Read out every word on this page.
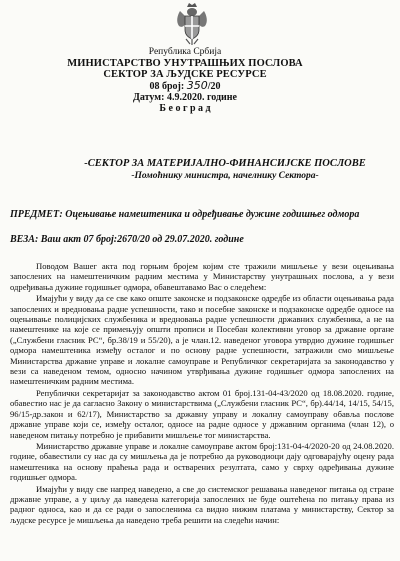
Република Србија
МИНИСТАРСТВО УНУТРАШЊИХ ПОСЛОВА
СЕКТОР ЗА ЉУДСКЕ РЕСУРСЕ
08 број: 350/20
Датум: 4.9.2020. године
Б е о г р а д
-СЕКТОР ЗА МАТЕРИЈАЛНО-ФИНАНСИЈСКЕ ПОСЛОВЕ
-Помоћнику министра, начелнику Сектора-
ПРЕДМЕТ: Оцењивање намештеника и одређивање дужине годишњег одмора
ВЕЗА: Ваш акт 07 број:2670/20 од 29.07.2020. године

Поводом Вашег акта под горњим бројем којим сте тражили мишљење у вези оцењивања запослених на намештеничким радним местима у Министарству унутрашњих послова, а у вези одређивања дужине годишњег одмора, обавештавамо Вас о следећем:

Имајући у виду да се све како опште законске и подзаконске одредбе из области оцењивања рада запослених и вредновања радне успешности, тако и посебне законске и подзаконске одредбе односе на оцењивање полицијских службеника и вредновања радне успешности државних службеника, а не на намештенике на које се примењују општи прописи и Посебан колективни уговор за државне органе („Службени гласник РС“, бр.38/19 и 55/20), а је члан.12. наведеног уговора утврдио дужине годишњег одмора намештеника између осталог и по основу радне успешности, затражили смо мишљење Министарства државне управе и локалне самоуправе и Републичког секретаријата за законодавство у вези са наведеном темом, односно начином утврђивања дужине годишњег одмора запослених на намештеничким радним местима.

Републички секретаријат за законодавство актом 01 број.131-04-43/2020 од 18.08.2020. године, обавестио нас је да сагласно Закону о министарствима („Службени гласник РС“, бр).44/14, 14/15, 54/15, 96/15-др.закон и 62/17), Министарство за државну управу и локалну самоуправу обавља послове државне управе који се, између осталог, односе на радне односе у државним органима (члан 12), о наведеном питању потребно је прибавити мишљење тог министарства.

Министарство државне управе и локалне самоуправе актом број:131-04-4/2020-20 од 24.08.2020. године, обавестили су нас да су мишљења да је потребно да руководиоци дају одговарајућу оцену рада намештеника на основу праћења рада и остварених резултата, само у сврху одређивања дужине годишњег одмора.

Имајући у виду све напред наведено, а све до системског решавања наведеног питања од стране државне управе, а у циљу да наведена категорија запослених не буде оштећена по питању права из радног односа, као и да се ради о запосленима са видно нижим платама у министарству, Сектор за људске ресурсе је мишљења да наведено треба решити на следећи начин:
